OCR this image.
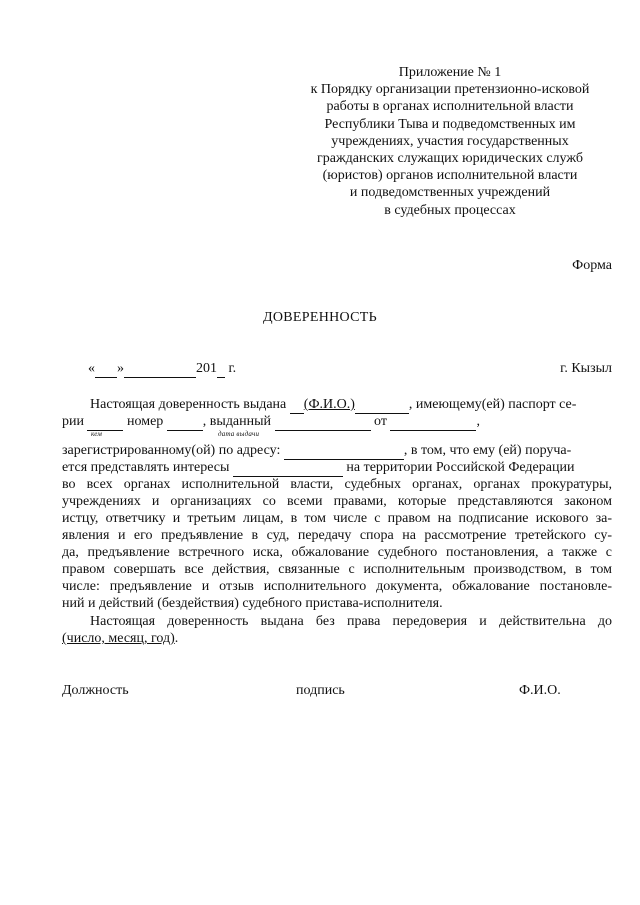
Приложение № 1
к Порядку организации претензионно-исковой
работы в органах исполнительной власти
Республики Тыва и подведомственных им
учреждениях, участия государственных
гражданских служащих юридических служб
(юристов) органов исполнительной власти
и подведомственных учреждений
в судебных процессах
Форма
ДОВЕРЕННОСТЬ
« »	201 г.	г. Кызыл
Настоящая доверенность выдана (Ф.И.О.)	, имеющему(ей) паспорт се-
рии	номер	, выданный	от	,
кем	дата выдачи
зарегистрированному(ой) по адресу:	, в том, что ему (ей) поруча-
ется представлять интересы	на территории Российской Федерации
во всех органах исполнительной власти, судебных органах, органах прокуратуры,
учреждениях и организациях со всеми правами, которые представляются законом
истцу, ответчику и третьим лицам, в том числе с правом на подписание искового за-
явления и его предъявление в суд, передачу спора на рассмотрение третейского су-
да, предъявление встречного иска, обжалование судебного постановления, а также с
правом совершать все действия, связанные с исполнительным производством, в том
числе: предъявление и отзыв исполнительного документа, обжалование постановле-
ний и действий (бездействия) судебного пристава-исполнителя.
Настоящая доверенность выдана без права передоверия и действительна до
(число, месяц, год).
Должность	подпись	Ф.И.О.
